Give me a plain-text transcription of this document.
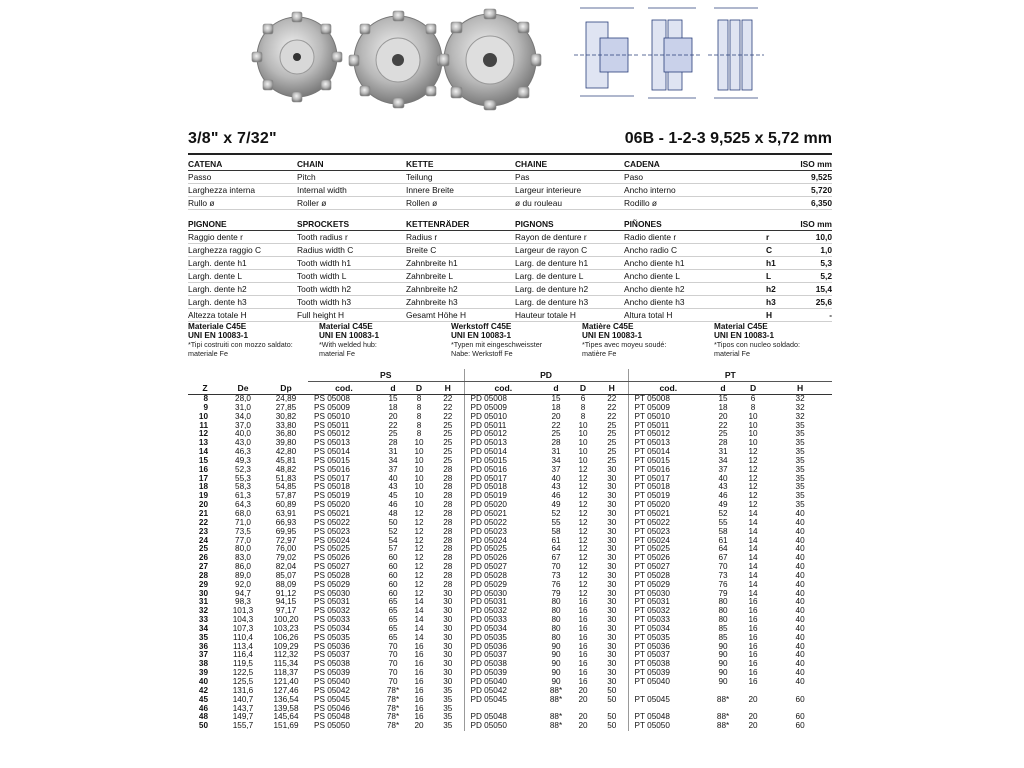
3/8" x 7/32"	06B - 1-2-3 9,525 x 5,72 mm
CATENA	CHAIN	KETTE	CHAINE	CADENA	ISO mm	
Passo	Pitch	Teilung	Pas	Paso		9,525
Larghezza interna	Internal width	Innere Breite	Largeur interieure	Ancho interno		5,720
Rullo ø	Roller ø	Rollen ø	ø du rouleau	Rodillo ø		6,350
PIGNONE	SPROCKETS	KETTENRÄDER	PIGNONS	PIÑONES	ISO mm	
Raggio dente r	Tooth radius r	Radius r	Rayon de denture r	Radio diente r	r	10,0
Larghezza raggio C	Radius width C	Breite C	Largeur de rayon C	Ancho radio C	C	1,0
Largh. dente h1	Tooth width h1	Zahnbreite h1	Larg. de denture h1	Ancho diente h1	h1	5,3
Largh. dente L	Tooth width L	Zahnbreite L	Larg. de denture L	Ancho diente L	L	5,2
Largh. dente h2	Tooth width h2	Zahnbreite h2	Larg. de denture h2	Ancho diente h2	h2	15,4
Largh. dente h3	Tooth width h3	Zahnbreite h3	Larg. de denture h3	Ancho diente h3	h3	25,6
Altezza totale H	Full height H	Gesamt Höhe H	Hauteur totale H	Altura total H	H	-
Materiale C45E
UNI EN 10083-1
*Tipi costruiti con mozzo saldato:
materiale Fe
Material C45E
UNI EN 10083-1
*With welded hub:
material Fe
Werkstoff C45E
UNI EN 10083-1
*Typen mit eingeschweisster
Nabe: Werkstoff Fe
Matière C45E
UNI EN 10083-1
*Tipes avec moyeu soudé:
matière Fe
Material C45E
UNI EN 10083-1
*Tipos con nucleo soldado:
material Fe
			PS				PD				PT			
Z	De	Dp	cod.	d	D	H	cod.	d	D	H	cod.	d	D	H
8	28,0	24,89	PS 05008	15	8	22	PD 05008	15	6	22	PT 05008	15	6	32
9	31,0	27,85	PS 05009	18	8	22	PD 05009	18	8	22	PT 05009	18	8	32
10	34,0	30,82	PS 05010	20	8	22	PD 05010	20	8	22	PT 05010	20	10	32
11	37,0	33,80	PS 05011	22	8	25	PD 05011	22	10	25	PT 05011	22	10	35
12	40,0	36,80	PS 05012	25	8	25	PD 05012	25	10	25	PT 05012	25	10	35
13	43,0	39,80	PS 05013	28	10	25	PD 05013	28	10	25	PT 05013	28	10	35
14	46,3	42,80	PS 05014	31	10	25	PD 05014	31	10	25	PT 05014	31	12	35
15	49,3	45,81	PS 05015	34	10	25	PD 05015	34	10	25	PT 05015	34	12	35
16	52,3	48,82	PS 05016	37	10	28	PD 05016	37	12	30	PT 05016	37	12	35
17	55,3	51,83	PS 05017	40	10	28	PD 05017	40	12	30	PT 05017	40	12	35
18	58,3	54,85	PS 05018	43	10	28	PD 05018	43	12	30	PT 05018	43	12	35
19	61,3	57,87	PS 05019	45	10	28	PD 05019	46	12	30	PT 05019	46	12	35
20	64,3	60,89	PS 05020	46	10	28	PD 05020	49	12	30	PT 05020	49	12	35
21	68,0	63,91	PS 05021	48	12	28	PD 05021	52	12	30	PT 05021	52	14	40
22	71,0	66,93	PS 05022	50	12	28	PD 05022	55	12	30	PT 05022	55	14	40
23	73,5	69,95	PS 05023	52	12	28	PD 05023	58	12	30	PT 05023	58	14	40
24	77,0	72,97	PS 05024	54	12	28	PD 05024	61	12	30	PT 05024	61	14	40
25	80,0	76,00	PS 05025	57	12	28	PD 05025	64	12	30	PT 05025	64	14	40
26	83,0	79,02	PS 05026	60	12	28	PD 05026	67	12	30	PT 05026	67	14	40
27	86,0	82,04	PS 05027	60	12	28	PD 05027	70	12	30	PT 05027	70	14	40
28	89,0	85,07	PS 05028	60	12	28	PD 05028	73	12	30	PT 05028	73	14	40
29	92,0	88,09	PS 05029	60	12	28	PD 05029	76	12	30	PT 05029	76	14	40
30	94,7	91,12	PS 05030	60	12	30	PD 05030	79	12	30	PT 05030	79	14	40
31	98,3	94,15	PS 05031	65	14	30	PD 05031	80	16	30	PT 05031	80	16	40
32	101,3	97,17	PS 05032	65	14	30	PD 05032	80	16	30	PT 05032	80	16	40
33	104,3	100,20	PS 05033	65	14	30	PD 05033	80	16	30	PT 05033	80	16	40
34	107,3	103,23	PS 05034	65	14	30	PD 05034	80	16	30	PT 05034	85	16	40
35	110,4	106,26	PS 05035	65	14	30	PD 05035	80	16	30	PT 05035	85	16	40
36	113,4	109,29	PS 05036	70	16	30	PD 05036	90	16	30	PT 05036	90	16	40
37	116,4	112,32	PS 05037	70	16	30	PD 05037	90	16	30	PT 05037	90	16	40
38	119,5	115,34	PS 05038	70	16	30	PD 05038	90	16	30	PT 05038	90	16	40
39	122,5	118,37	PS 05039	70	16	30	PD 05039	90	16	30	PT 05039	90	16	40
40	125,5	121,40	PS 05040	70	16	30	PD 05040	90	16	30	PT 05040	90	16	40
42	131,6	127,46	PS 05042	78*	16	35	PD 05042	88*	20	50				
45	140,7	136,54	PS 05045	78*	16	35	PD 05045	88*	20	50	PT 05045	88*	20	60
46	143,7	139,58	PS 05046	78*	16	35								
48	149,7	145,64	PS 05048	78*	16	35	PD 05048	88*	20	50	PT 05048	88*	20	60
50	155,7	151,69	PS 05050	78*	20	35	PD 05050	88*	20	50	PT 05050	88*	20	60
